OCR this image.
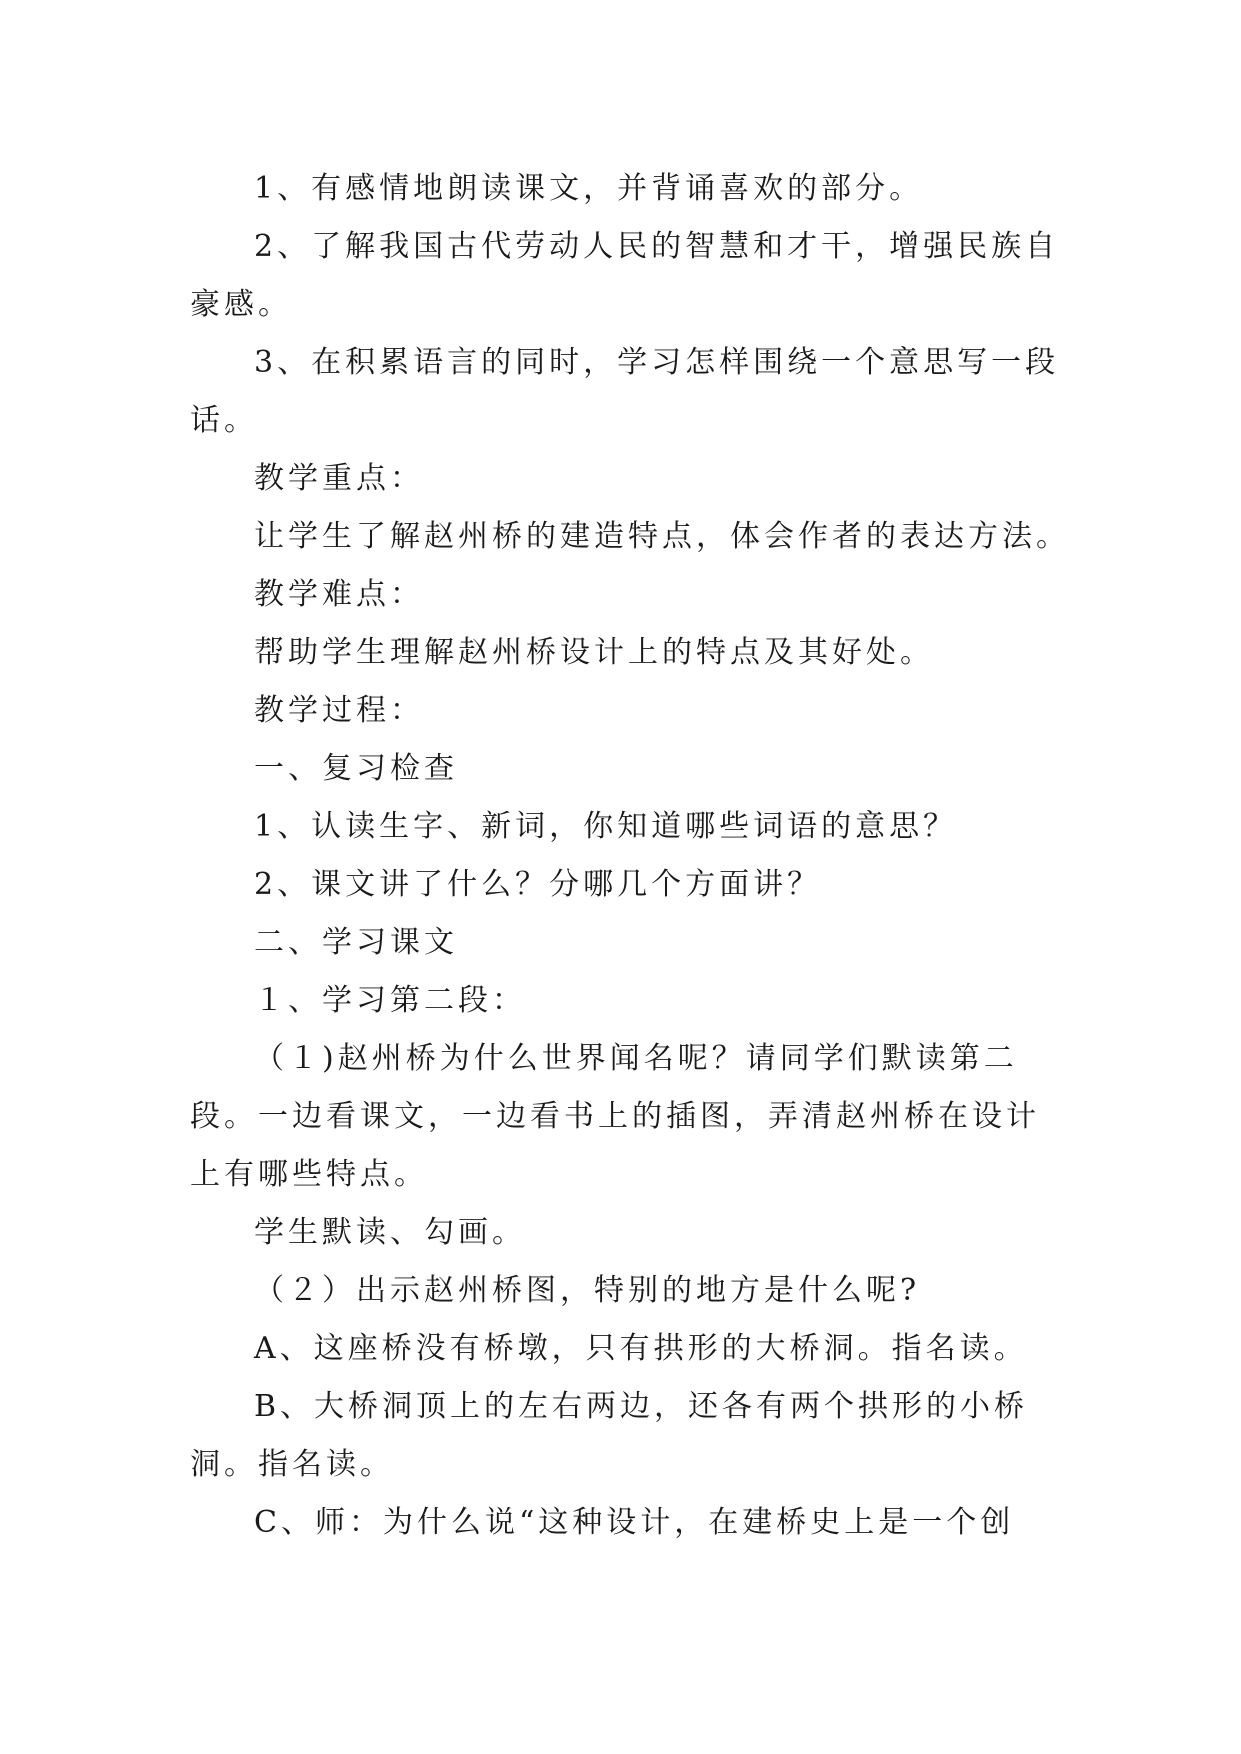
1、有感情地朗读课文，并背诵喜欢的部分。

2、了解我国古代劳动人民的智慧和才干，增强民族自豪感。

3、在积累语言的同时，学习怎样围绕一个意思写一段话。

教学重点：

让学生了解赵州桥的建造特点，体会作者的表达方法。

教学难点：

帮助学生理解赵州桥设计上的特点及其好处。

教学过程：

一、复习检查

1、认读生字、新词，你知道哪些词语的意思？

2、课文讲了什么？分哪几个方面讲？

二、学习课文

１、学习第二段：

（１)赵州桥为什么世界闻名呢？请同学们默读第二段。一边看课文，一边看书上的插图，弄清赵州桥在设计上有哪些特点。

学生默读、勾画。

（２）出示赵州桥图，特别的地方是什么呢?

A、这座桥没有桥墩，只有拱形的大桥洞。指名读。

B、大桥洞顶上的左右两边，还各有两个拱形的小桥洞。指名读。

C、师：为什么说“这种设计，在建桥史上是一个创
